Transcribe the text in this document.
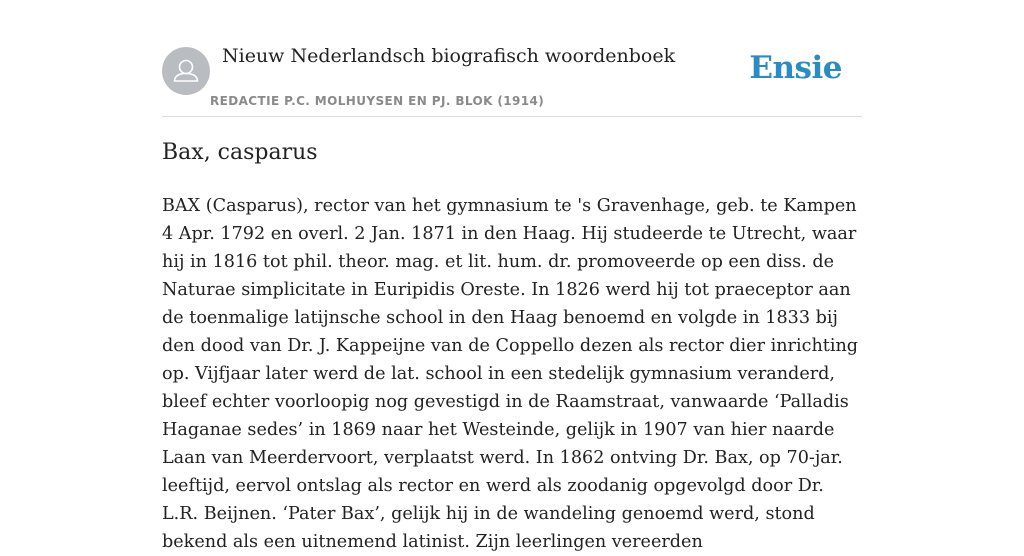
Nieuw Nederlandsch biografisch woordenboek
REDACTIE P.C. MOLHUYSEN EN PJ. BLOK (1914)
Ensie
Bax, casparus

BAX (Casparus), rector van het gymnasium te 's Gravenhage, geb. te Kampen 4 Apr. 1792 en overl. 2 Jan. 1871 in den Haag. Hij studeerde te Utrecht, waar hij in 1816 tot phil. theor. mag. et lit. hum. dr. promoveerde op een diss. de Naturae simplicitate in Euripidis Oreste. In 1826 werd hij tot praeceptor aan de toenmalige latijnsche school in den Haag benoemd en volgde in 1833 bij den dood van Dr. J. Kappeijne van de Coppello dezen als rector dier inrichting op. Vijfjaar later werd de lat. school in een stedelijk gymnasium veranderd, bleef echter voorloopig nog gevestigd in de Raamstraat, vanwaarde ‘Palladis Haganae sedes’ in 1869 naar het Westeinde, gelijk in 1907 van hier naarde Laan van Meerdervoort, verplaatst werd. In 1862 ontving Dr. Bax, op 70-jar. leeftijd, eervol ontslag als rector en werd als zoodanig opgevolgd door Dr. L.R. Beijnen. ‘Pater Bax’, gelijk hij in de wandeling genoemd werd, stond bekend als een uitnemend latinist. Zijn leerlingen vereerden
